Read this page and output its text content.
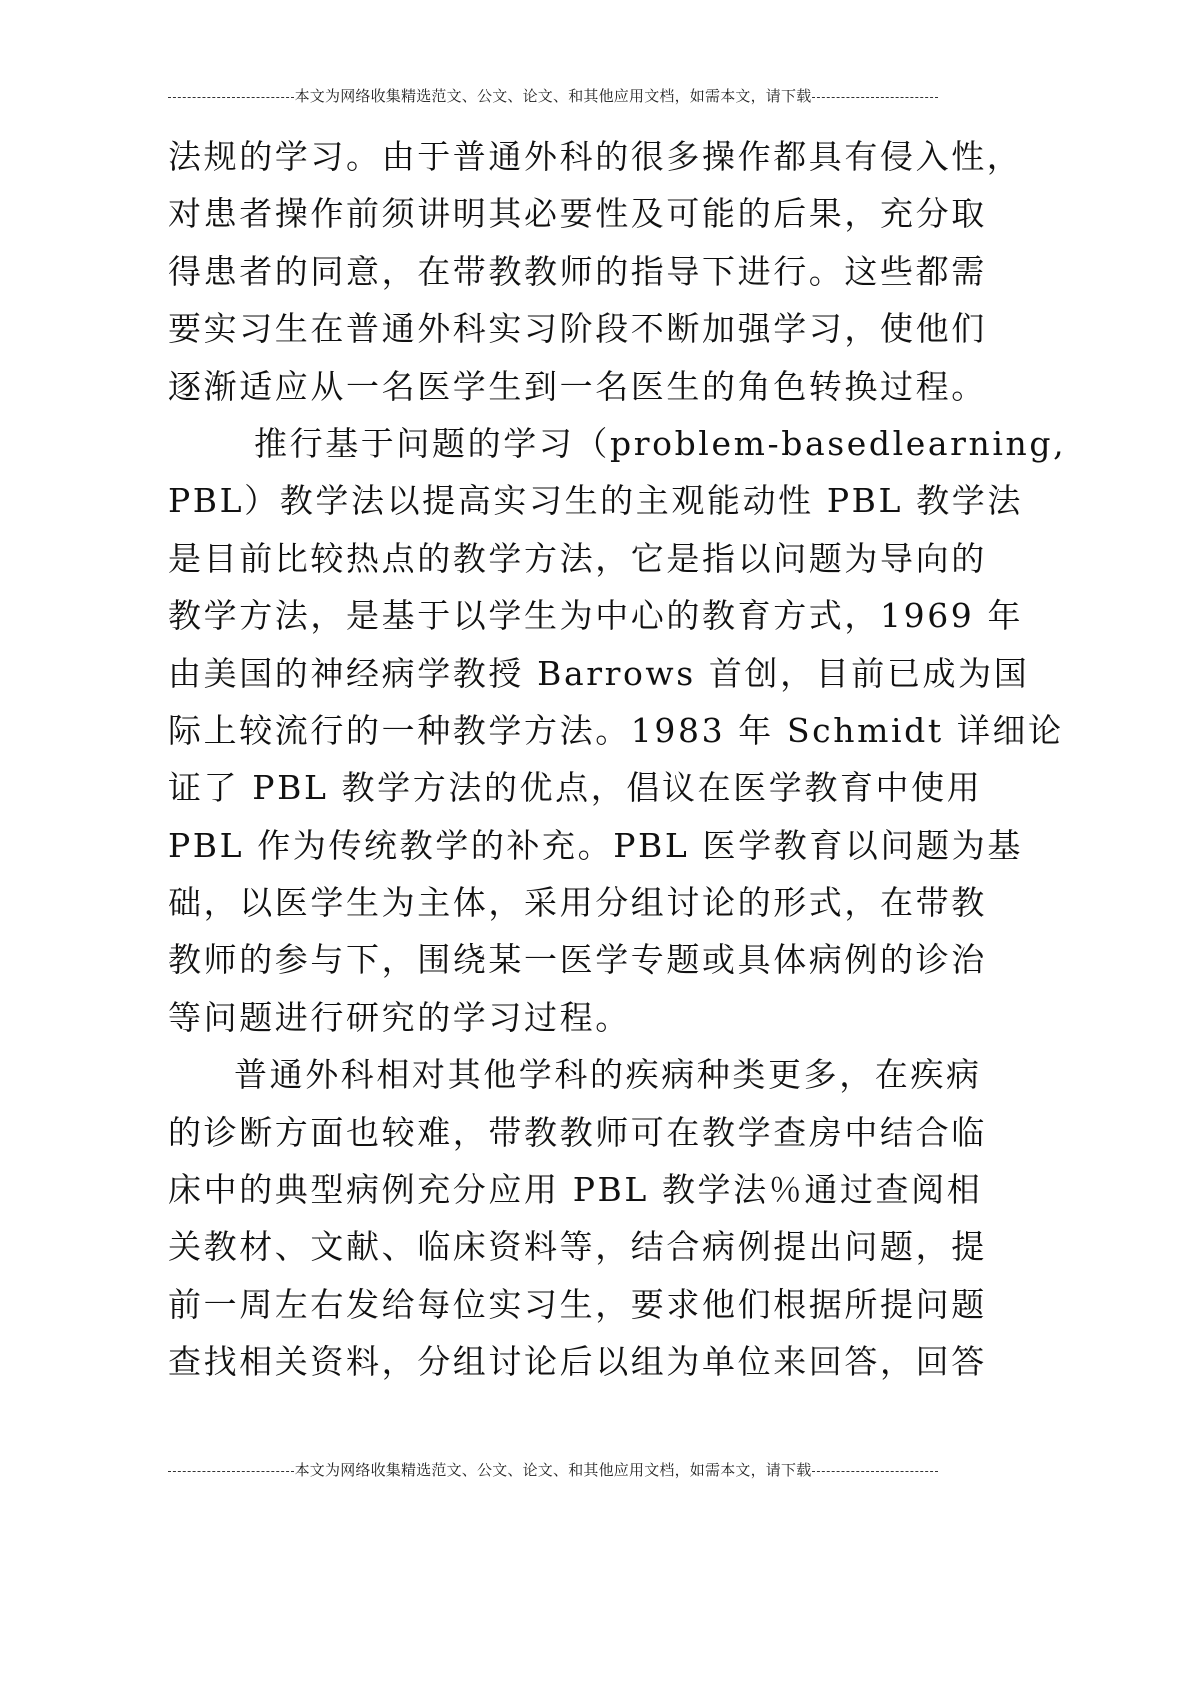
本文为网络收集精选范文、公文、论文、和其他应用文档，如需本文，请下载
法规的学习。由于普通外科的很多操作都具有侵入性，
对患者操作前须讲明其必要性及可能的后果，充分取
得患者的同意，在带教教师的指导下进行。这些都需
要实习生在普通外科实习阶段不断加强学习，使他们
逐渐适应从一名医学生到一名医生的角色转换过程。
推行基于问题的学习（problem-basedlearning,
PBL）教学法以提高实习生的主观能动性 PBL 教学法
是目前比较热点的教学方法，它是指以问题为导向的
教学方法，是基于以学生为中心的教育方式，1969 年
由美国的神经病学教授 Barrows 首创，目前已成为国
际上较流行的一种教学方法。1983 年 Schmidt 详细论
证了 PBL 教学方法的优点，倡议在医学教育中使用
PBL 作为传统教学的补充。PBL 医学教育以问题为基
础，以医学生为主体，采用分组讨论的形式，在带教
教师的参与下，围绕某一医学专题或具体病例的诊治
等问题进行研究的学习过程。
普通外科相对其他学科的疾病种类更多，在疾病
的诊断方面也较难，带教教师可在教学查房中结合临
床中的典型病例充分应用 PBL 教学法％通过查阅相
关教材、文献、临床资料等，结合病例提出问题，提
前一周左右发给每位实习生，要求他们根据所提问题
查找相关资料，分组讨论后以组为单位来回答，回答
本文为网络收集精选范文、公文、论文、和其他应用文档，如需本文，请下载
